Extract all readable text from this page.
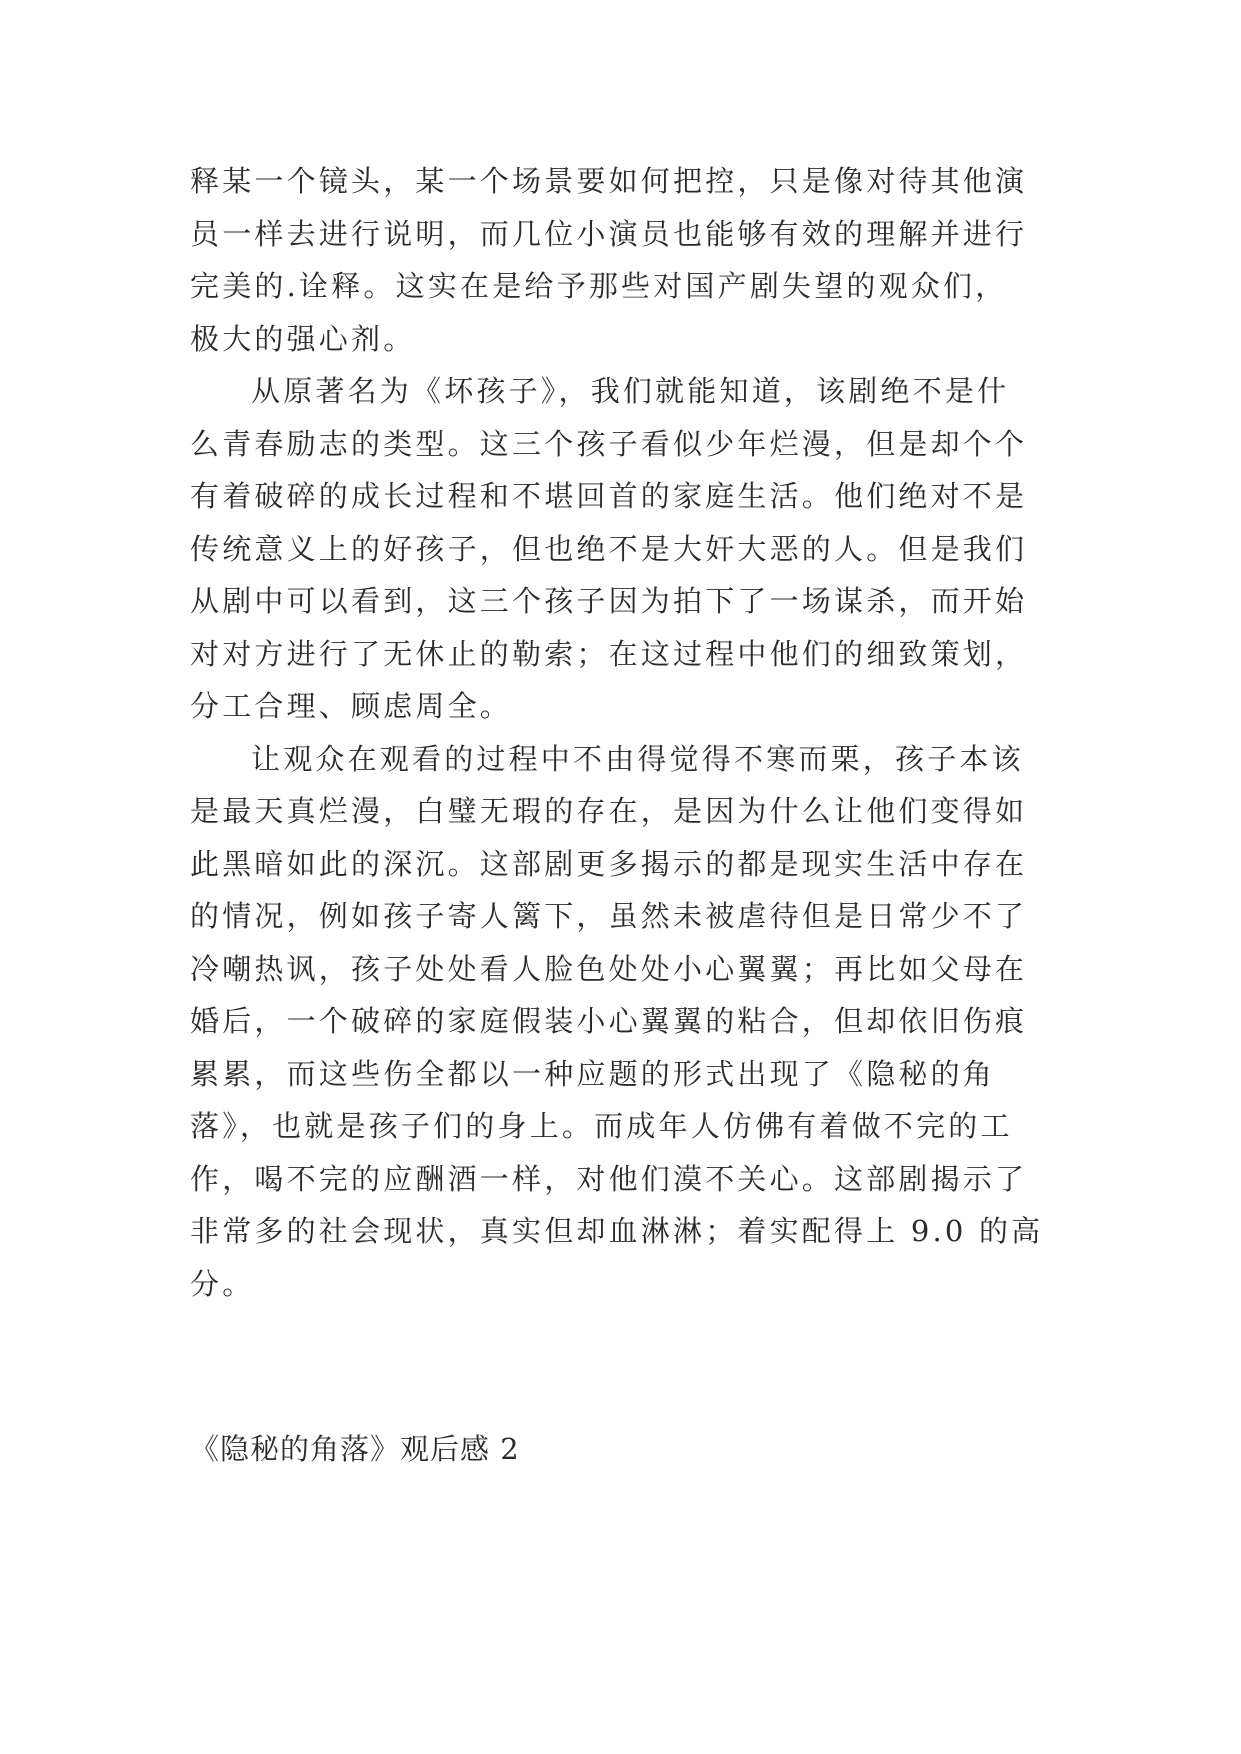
释某一个镜头，某一个场景要如何把控，只是像对待其他演
员一样去进行说明，而几位小演员也能够有效的理解并进行
完美的.诠释。这实在是给予那些对国产剧失望的观众们，
极大的强心剂。
从原著名为《坏孩子》，我们就能知道，该剧绝不是什
么青春励志的类型。这三个孩子看似少年烂漫，但是却个个
有着破碎的成长过程和不堪回首的家庭生活。他们绝对不是
传统意义上的好孩子，但也绝不是大奸大恶的人。但是我们
从剧中可以看到，这三个孩子因为拍下了一场谋杀，而开始
对对方进行了无休止的勒索；在这过程中他们的细致策划，
分工合理、顾虑周全。
让观众在观看的过程中不由得觉得不寒而栗，孩子本该
是最天真烂漫，白璧无瑕的存在，是因为什么让他们变得如
此黑暗如此的深沉。这部剧更多揭示的都是现实生活中存在
的情况，例如孩子寄人篱下，虽然未被虐待但是日常少不了
冷嘲热讽，孩子处处看人脸色处处小心翼翼；再比如父母在
婚后，一个破碎的家庭假装小心翼翼的粘合，但却依旧伤痕
累累，而这些伤全都以一种应题的形式出现了《隐秘的角
落》，也就是孩子们的身上。而成年人仿佛有着做不完的工
作，喝不完的应酬酒一样，对他们漠不关心。这部剧揭示了
非常多的社会现状，真实但却血淋淋；着实配得上 9.0 的高
分。
《隐秘的角落》观后感 2
